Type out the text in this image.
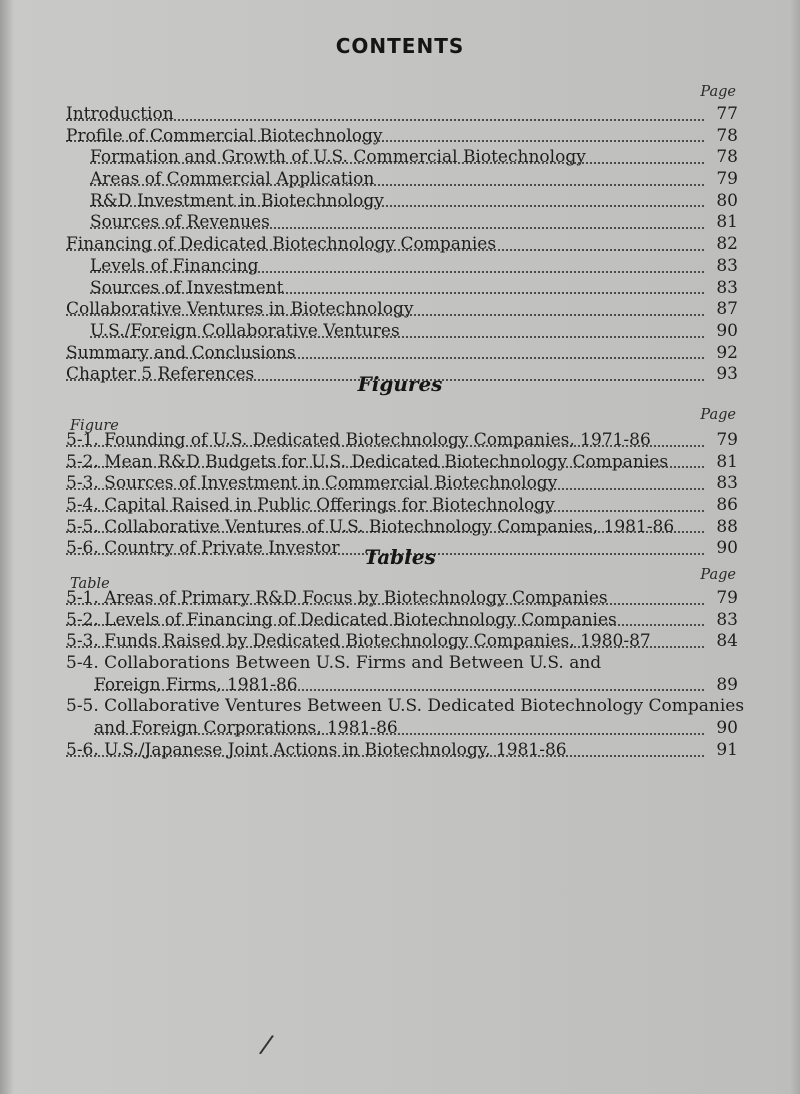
CONTENTS
Page
Introduction	77
Profile of Commercial Biotechnology	78
Formation and Growth of U.S. Commercial Biotechnology	78
Areas of Commercial Application	79
R&D Investment in Biotechnology	80
Sources of Revenues	81
Financing of Dedicated Biotechnology Companies	82
Levels of Financing	83
Sources of Investment	83
Collaborative Ventures in Biotechnology	87
U.S./Foreign Collaborative Ventures	90
Summary and Conclusions	92
Chapter 5 References	93
Figures
Figure
Page
5-1. Founding of U.S. Dedicated Biotechnology Companies, 1971-86	79
5-2. Mean R&D Budgets for U.S. Dedicated Biotechnology Companies	81
5-3. Sources of Investment in Commercial Biotechnology	83
5-4. Capital Raised in Public Offerings for Biotechnology	86
5-5. Collaborative Ventures of U.S. Biotechnology Companies, 1981-86	88
5-6. Country of Private Investor	90
Tables
Table
Page
5-1. Areas of Primary R&D Focus by Biotechnology Companies	79
5-2. Levels of Financing of Dedicated Biotechnology Companies	83
5-3. Funds Raised by Dedicated Biotechnology Companies, 1980-87	84
5-4. Collaborations Between U.S. Firms and Between U.S. and
Foreign Firms, 1981-86	89
5-5. Collaborative Ventures Between U.S. Dedicated Biotechnology Companies
and Foreign Corporations, 1981-86	90
5-6. U.S./Japanese Joint Actions in Biotechnology, 1981-86	91
/
